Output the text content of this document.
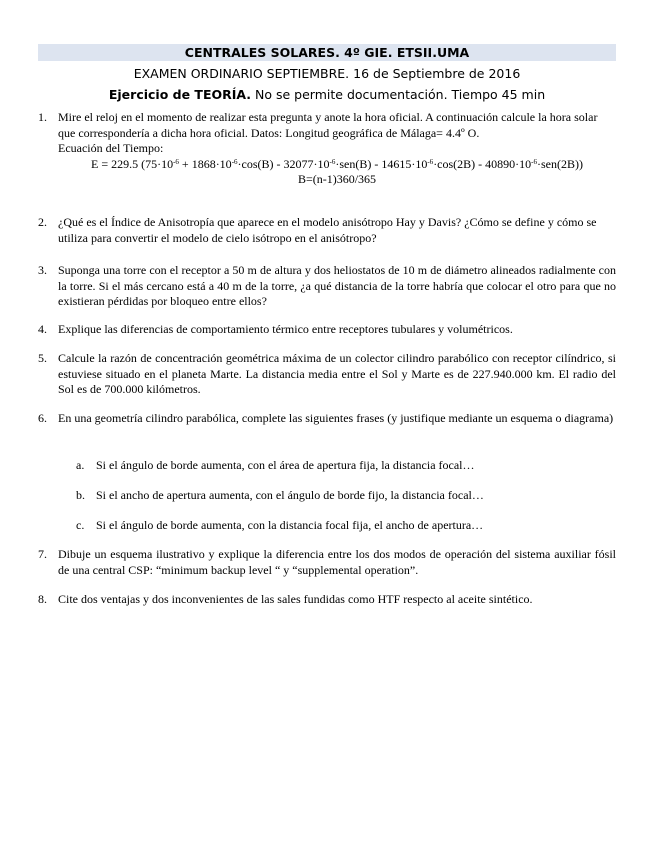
CENTRALES SOLARES. 4º GIE. ETSII.UMA
EXAMEN ORDINARIO SEPTIEMBRE. 16 de Septiembre de 2016
Ejercicio de TEORÍA. No se permite documentación. Tiempo 45 min
1. Mire el reloj en el momento de realizar esta pregunta y anote la hora oficial. A continuación calcule la hora solar que correspondería a dicha hora oficial. Datos: Longitud geográfica de Málaga= 4.4º O.
Ecuación del Tiempo:
E = 229.5 $(75\cdot 10^{-6} + 1868\cdot 10^{-6}\cdot\cos(B) - 32077\cdot 10^{-6}\cdot sen(B) - 14615\cdot 10^{-6}\cdot\cos(2B) - 40890\cdot 10^{-6}\cdot sen(2B))$
B=(n-1)360/365
2. ¿Qué es el Índice de Anisotropía que aparece en el modelo anisótropo Hay y Davis? ¿Cómo se define y cómo se utiliza para convertir el modelo de cielo isótropo en el anisótropo?
3. Suponga una torre con el receptor a 50 m de altura y dos heliostatos de 10 m de diámetro alineados radialmente con la torre. Si el más cercano está a 40 m de la torre, ¿a qué distancia de la torre habría que colocar el otro para que no existieran pérdidas por bloqueo entre ellos?
4. Explique las diferencias de comportamiento térmico entre receptores tubulares y volumétricos.
5. Calcule la razón de concentración geométrica máxima de un colector cilindro parabólico con receptor cilíndrico, si estuviese situado en el planeta Marte. La distancia media entre el Sol y Marte es de 227.940.000 km. El radio del Sol es de 700.000 kilómetros.
6. En una geometría cilindro parabólica, complete las siguientes frases (y justifique mediante un esquema o diagrama)
a. Si el ángulo de borde aumenta, con el área de apertura fija, la distancia focal…
b. Si el ancho de apertura aumenta, con el ángulo de borde fijo, la distancia focal…
c. Si el ángulo de borde aumenta, con la distancia focal fija, el ancho de apertura…
7. Dibuje un esquema ilustrativo y explique la diferencia entre los dos modos de operación del sistema auxiliar fósil de una central CSP: “minimum backup level “ y “supplemental operation”.
8. Cite dos ventajas y dos inconvenientes de las sales fundidas como HTF respecto al aceite sintético.
